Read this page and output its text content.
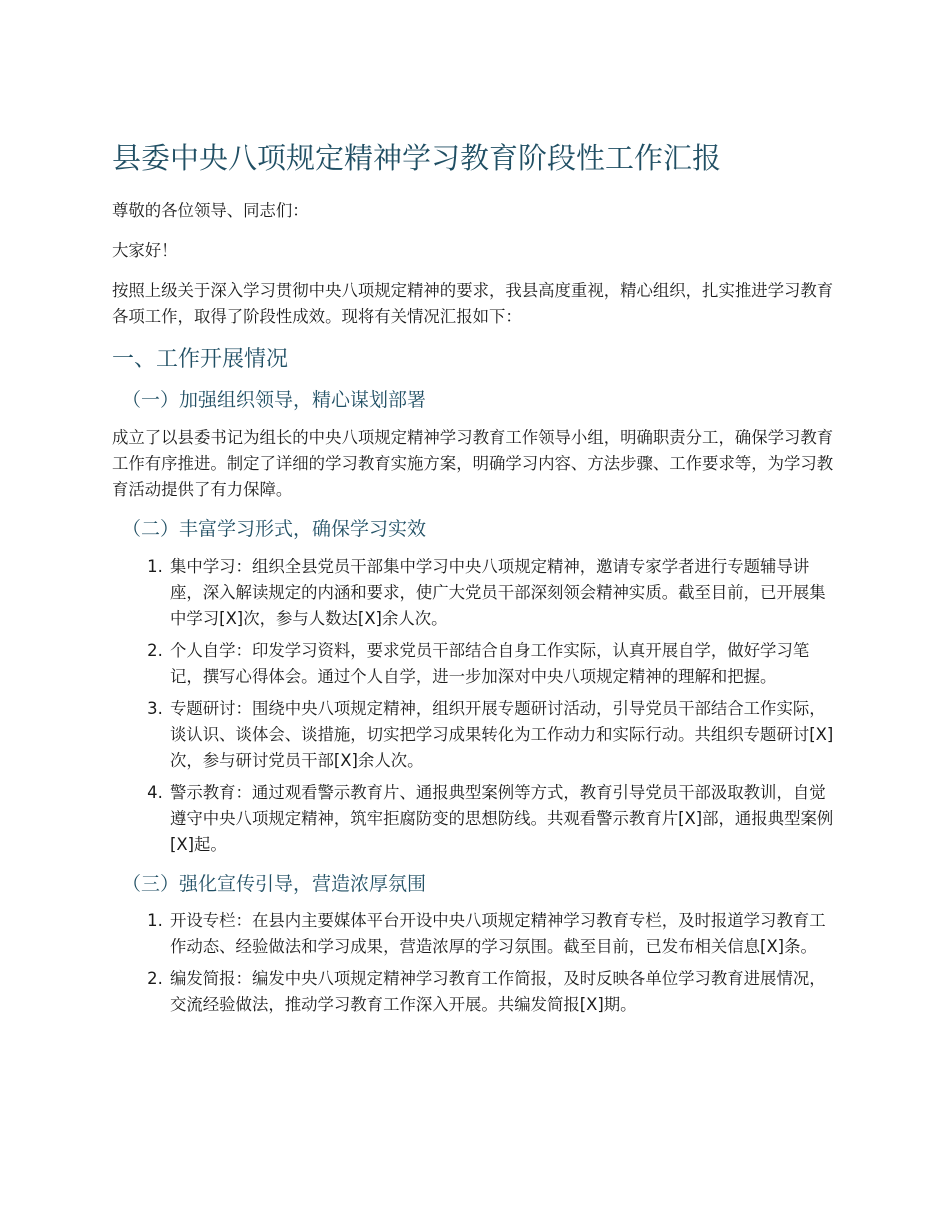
县委中央八项规定精神学习教育阶段性工作汇报

尊敬的各位领导、同志们：

大家好！

按照上级关于深入学习贯彻中央八项规定精神的要求，我县高度重视，精心组织，扎实推进学习教育各项工作，取得了阶段性成效。现将有关情况汇报如下：

一、工作开展情况
（一）加强组织领导，精心谋划部署

成立了以县委书记为组长的中央八项规定精神学习教育工作领导小组，明确职责分工，确保学习教育工作有序推进。制定了详细的学习教育实施方案，明确学习内容、方法步骤、工作要求等，为学习教育活动提供了有力保障。

（二）丰富学习形式，确保学习实效
1. 集中学习：组织全县党员干部集中学习中央八项规定精神，邀请专家学者进行专题辅导讲座，深入解读规定的内涵和要求，使广大党员干部深刻领会精神实质。截至目前，已开展集中学习[X]次，参与人数达[X]余人次。
2. 个人自学：印发学习资料，要求党员干部结合自身工作实际，认真开展自学，做好学习笔记，撰写心得体会。通过个人自学，进一步加深对中央八项规定精神的理解和把握。
3. 专题研讨：围绕中央八项规定精神，组织开展专题研讨活动，引导党员干部结合工作实际，谈认识、谈体会、谈措施，切实把学习成果转化为工作动力和实际行动。共组织专题研讨[X]次，参与研讨党员干部[X]余人次。
4. 警示教育：通过观看警示教育片、通报典型案例等方式，教育引导党员干部汲取教训，自觉遵守中央八项规定精神，筑牢拒腐防变的思想防线。共观看警示教育片[X]部，通报典型案例[X]起。
（三）强化宣传引导，营造浓厚氛围
1. 开设专栏：在县内主要媒体平台开设中央八项规定精神学习教育专栏，及时报道学习教育工作动态、经验做法和学习成果，营造浓厚的学习氛围。截至目前，已发布相关信息[X]条。
2. 编发简报：编发中央八项规定精神学习教育工作简报，及时反映各单位学习教育进展情况，交流经验做法，推动学习教育工作深入开展。共编发简报[X]期。
